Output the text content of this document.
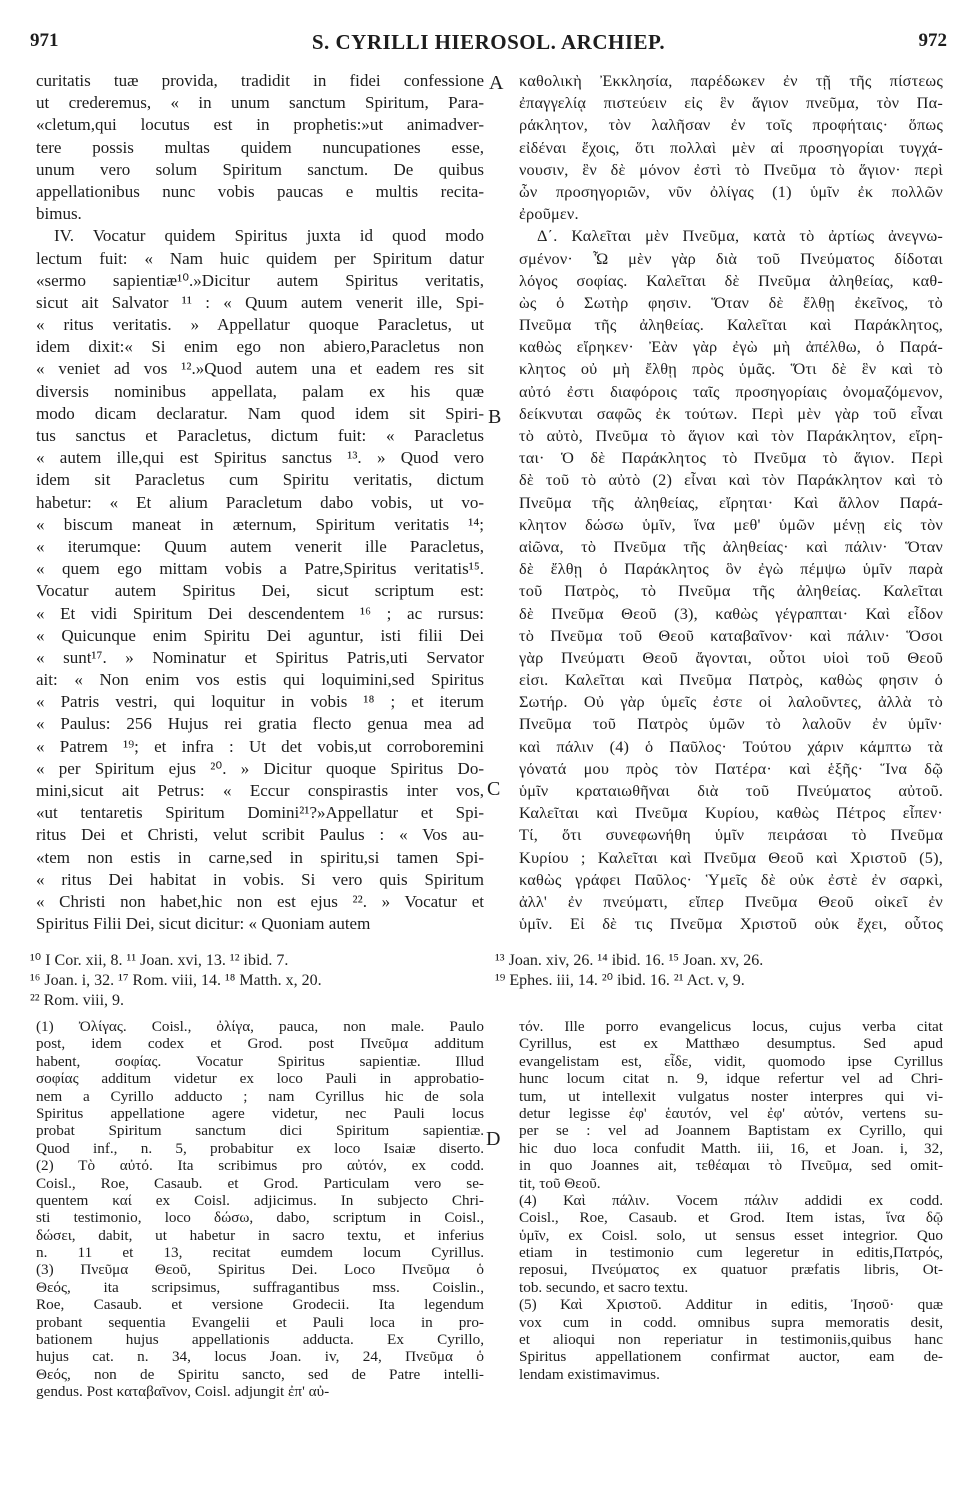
971	S. CYRILLI HIEROSOL. ARCHIEP.	972
curitatis tuæ provida, tradidit in fidei confessione
ut crederemus, « in unum sanctum Spiritum, Para-
«cletum,qui locutus est in prophetis:»ut animadver-
tere possis multas quidem nuncupationes esse,
unum vero solum Spiritum sanctum. De quibus
appellationibus nunc vobis paucas e multis recita-
bimus.
IV. Vocatur quidem Spiritus juxta id quod modo
lectum fuit: « Nam huic quidem per Spiritum datur
«sermo sapientiæ¹⁰.»Dicitur autem Spiritus veritatis,
sicut ait Salvator ¹¹ : « Quum autem venerit ille, Spi-
« ritus veritatis. » Appellatur quoque Paracletus, ut
idem dixit:« Si enim ego non abiero,Paracletus non
« veniet ad vos ¹².»Quod autem una et eadem res sit
diversis nominibus appellata, palam ex his quæ
modo dicam declaratur. Nam quod idem sit Spiri-
tus sanctus et Paracletus, dictum fuit: « Paracletus
« autem ille,qui est Spiritus sanctus ¹³. » Quod vero
idem sit Paracletus cum Spiritu veritatis, dictum
habetur: « Et alium Paracletum dabo vobis, ut vo-
« biscum maneat in æternum, Spiritum veritatis ¹⁴;
« iterumque: Quum autem venerit ille Paracletus,
« quem ego mittam vobis a Patre,Spiritus veritatis¹⁵.
Vocatur autem Spiritus Dei, sicut scriptum est:
« Et vidi Spiritum Dei descendentem ¹⁶ ; ac rursus:
« Quicunque enim Spiritu Dei aguntur, isti filii Dei
« sunt¹⁷. » Nominatur et Spiritus Patris,uti Servator
ait: « Non enim vos estis qui loquimini,sed Spiritus
« Patris vestri, qui loquitur in vobis ¹⁸ ; et iterum
« Paulus: 256 Hujus rei gratia flecto genua mea ad
« Patrem ¹⁹; et infra : Ut det vobis,ut corroboremini
« per Spiritum ejus ²⁰. » Dicitur quoque Spiritus Do-
mini,sicut ait Petrus: « Eccur conspirastis inter vos,
«ut tentaretis Spiritum Domini²¹?»Appellatur et Spi-
ritus Dei et Christi, velut scribit Paulus : « Vos au-
«tem non estis in carne,sed in spiritu,si tamen Spi-
« ritus Dei habitat in vobis. Si vero quis Spiritum
« Christi non habet,hic non est ejus ²². » Vocatur et
Spiritus Filii Dei, sicut dicitur: « Quoniam autem
καθολικὴ Ἐκκλησία, παρέδωκεν ἐν τῇ τῆς πίστεως
ἐπαγγελίᾳ πιστεύειν εἰς ἓν ἅγιον πνεῦμα, τὸν Πα-
ράκλητον, τὸν λαλῆσαν ἐν τοῖς προφήταις· ὅπως
εἰδέναι ἔχοις, ὅτι πολλαὶ μὲν αἱ προσηγορίαι τυγχά-
νουσιν, ἓν δὲ μόνον ἐστὶ τὸ Πνεῦμα τὸ ἅγιον· περὶ
ὧν προσηγοριῶν, νῦν ὀλίγας (1) ὑμῖν ἐκ πολλῶν
ἐροῦμεν.
Δ΄. Καλεῖται μὲν Πνεῦμα, κατὰ τὸ ἀρτίως ἀνεγνω-
σμένον· Ὧ μὲν γὰρ διὰ τοῦ Πνεύματος δίδοται
λόγος σοφίας. Καλεῖται δὲ Πνεῦμα ἀληθείας, καθ-
ὼς ὁ Σωτὴρ φησιν. Ὅταν δὲ ἔλθῃ ἐκεῖνος, τὸ
Πνεῦμα τῆς ἀληθείας. Καλεῖται καὶ Παράκλητος,
καθὼς εἴρηκεν· Ἐὰν γὰρ ἐγὼ μὴ ἀπέλθω, ὁ Παρά-
κλητος οὐ μὴ ἔλθῃ πρὸς ὑμᾶς. Ὅτι δὲ ἓν καὶ τὸ
αὐτό ἐστι διαφόροις ταῖς προσηγορίαις ὀνομαζόμενον,
δείκνυται σαφῶς ἐκ τούτων. Περὶ μὲν γὰρ τοῦ εἶναι
τὸ αὐτὸ, Πνεῦμα τὸ ἅγιον καὶ τὸν Παράκλητον, εἴρη-
ται· Ὁ δὲ Παράκλητος τὸ Πνεῦμα τὸ ἅγιον. Περὶ
δὲ τοῦ τὸ αὐτὸ (2) εἶναι καὶ τὸν Παράκλητον καὶ τὸ
Πνεῦμα τῆς ἀληθείας, εἴρηται· Καὶ ἄλλον Παρά-
κλητον δώσω ὑμῖν, ἵνα μεθ' ὑμῶν μένῃ εἰς τὸν
αἰῶνα, τὸ Πνεῦμα τῆς ἀληθείας· καὶ πάλιν· Ὅταν
δὲ ἔλθῃ ὁ Παράκλητος ὃν ἐγὼ πέμψω ὑμῖν παρὰ
τοῦ Πατρὸς, τὸ Πνεῦμα τῆς ἀληθείας. Καλεῖται
δὲ Πνεῦμα Θεοῦ (3), καθὼς γέγραπται· Καὶ εἶδον
τὸ Πνεῦμα τοῦ Θεοῦ καταβαῖνον· καὶ πάλιν· Ὅσοι
γὰρ Πνεύματι Θεοῦ ἄγονται, οὗτοι υἱοὶ τοῦ Θεοῦ
εἰσι. Καλεῖται καὶ Πνεῦμα Πατρὸς, καθὼς φησιν ὁ
Σωτήρ. Οὐ γὰρ ὑμεῖς ἐστε οἱ λαλοῦντες, ἀλλὰ τὸ
Πνεῦμα τοῦ Πατρὸς ὑμῶν τὸ λαλοῦν ἐν ὑμῖν·
καὶ πάλιν (4) ὁ Παῦλος· Τούτου χάριν κάμπτω τὰ
γόνατά μου πρὸς τὸν Πατέρα· καὶ ἑξῆς· Ἵνα δῷ
ὑμῖν κραταιωθῆναι διὰ τοῦ Πνεύματος αὐτοῦ.
Καλεῖται καὶ Πνεῦμα Κυρίου, καθὼς Πέτρος εἶπεν·
Τί, ὅτι συνεφωνήθη ὑμῖν πειράσαι τὸ Πνεῦμα
Κυρίου ; Καλεῖται καὶ Πνεῦμα Θεοῦ καὶ Χριστοῦ (5),
καθὼς γράφει Παῦλος· Ὑμεῖς δὲ οὐκ ἐστὲ ἐν σαρκὶ,
ἀλλ' ἐν πνεύματι, εἴπερ Πνεῦμα Θεοῦ οἰκεῖ ἐν
ὑμῖν. Εἰ δὲ τις Πνεῦμα Χριστοῦ οὐκ ἔχει, οὗτος
A
B
C
D
¹⁰ I Cor. xii, 8. ¹¹ Joan. xvi, 13. ¹² ibid. 7.
¹⁶ Joan. i, 32. ¹⁷ Rom. viii, 14. ¹⁸ Matth. x, 20.
²² Rom. viii, 9.
¹³ Joan. xiv, 26. ¹⁴ ibid. 16. ¹⁵ Joan. xv, 26.
¹⁹ Ephes. iii, 14. ²⁰ ibid. 16. ²¹ Act. v, 9.
(1) Ὀλίγας. Coisl., ὀλίγα, pauca, non male. Paulo
post, idem codex et Grod. post Πνεῦμα additum
habent, σοφίας. Vocatur Spiritus sapientiæ. Illud
σοφίας additum videtur ex loco Pauli in approbatio-
nem a Cyrillo adducto ; nam Cyrillus hic de sola
Spiritus appellatione agere videtur, nec Pauli locus
probat Spiritum sanctum dici Spiritum sapientiæ.
Quod inf., n. 5, probabitur ex loco Isaiæ diserto.
(2) Τὸ αὐτό. Ita scribimus pro αὐτόν, ex codd.
Coisl., Roe, Casaub. et Grod. Particulam vero se-
quentem καί ex Coisl. adjicimus. In subjecto Chri-
sti testimonio, loco δώσω, dabo, scriptum in Coisl.,
δώσει, dabit, ut habetur in sacro textu, et inferius
n. 11 et 13, recitat eumdem locum Cyrillus.
(3) Πνεῦμα Θεοῦ, Spiritus Dei. Loco Πνεῦμα ὁ
Θεός, ita scripsimus, suffragantibus mss. Coislin.,
Roe, Casaub. et versione Grodecii. Ita legendum
probant sequentia Evangelii et Pauli loca in pro-
bationem hujus appellationis adducta. Ex Cyrillo,
hujus cat. n. 34, locus Joan. iv, 24, Πνεῦμα ὁ
Θεός, non de Spiritu sancto, sed de Patre intelli-
gendus. Post καταβαῖνον, Coisl. adjungit ἐπ' αὐ-
τόν. Ille porro evangelicus locus, cujus verba citat
Cyrillus, est ex Matthæo desumptus. Sed apud
evangelistam est, εἶδε, vidit, quomodo ipse Cyrillus
hunc locum citat n. 9, idque refertur vel ad Chri-
tum, ut intellexit vulgatus noster interpres qui vi-
detur legisse ἐφ' ἑαυτόν, vel ἐφ' αὐτόν, vertens su-
per se : vel ad Joannem Baptistam ex Cyrillo, qui
hic duo loca confudit Matth. iii, 16, et Joan. i, 32,
in quo Joannes ait, τεθέαμαι τὸ Πνεῦμα, sed omit-
tit, τοῦ Θεοῦ.
(4) Καὶ πάλιν. Vocem πάλιν addidi ex codd.
Coisl., Roe, Casaub. et Grod. Item istas, ἵνα δῷ
ὑμῖν, ex Coisl. solo, ut sensus esset integrior. Quo
etiam in testimonio cum legeretur in editis,Πατρός,
reposui, Πνεύματος ex quatuor præfatis libris, Ot-
tob. secundo, et sacro textu.
(5) Καὶ Χριστοῦ. Additur in editis, Ἰησοῦ· quæ
vox cum in codd. omnibus supra memoratis desit,
et alioqui non reperiatur in testimoniis,quibus hanc
Spiritus appellationem confirmat auctor, eam de-
lendam existimavimus.
